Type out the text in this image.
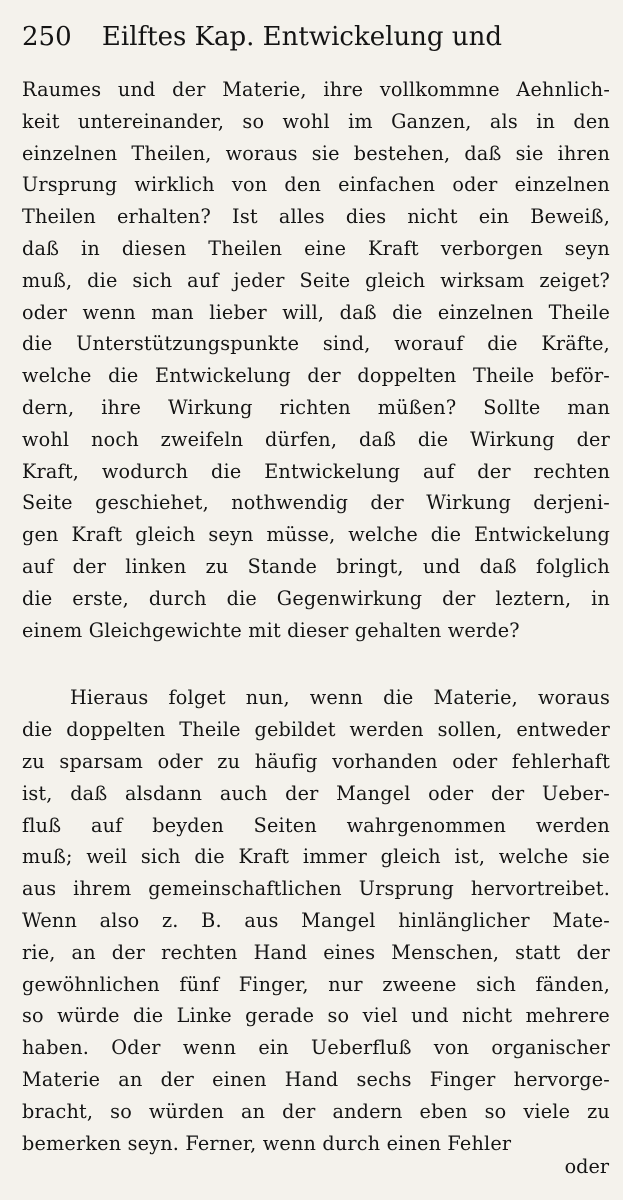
250 Eilftes Kap. Entwickelung und
Raumes und der Materie, ihre vollkommne Aehnlich-
keit untereinander, so wohl im Ganzen, als in den
einzelnen Theilen, woraus sie bestehen, daß sie ihren
Ursprung wirklich von den einfachen oder einzelnen
Theilen erhalten? Ist alles dies nicht ein Beweiß,
daß in diesen Theilen eine Kraft verborgen seyn
muß, die sich auf jeder Seite gleich wirksam zeiget?
oder wenn man lieber will, daß die einzelnen Theile
die Unterstützungspunkte sind, worauf die Kräfte,
welche die Entwickelung der doppelten Theile beför-
dern, ihre Wirkung richten müßen? Sollte man
wohl noch zweifeln dürfen, daß die Wirkung der
Kraft, wodurch die Entwickelung auf der rechten
Seite geschiehet, nothwendig der Wirkung derjeni-
gen Kraft gleich seyn müsse, welche die Entwickelung
auf der linken zu Stande bringt, und daß folglich
die erste, durch die Gegenwirkung der leztern, in
einem Gleichgewichte mit dieser gehalten werde?
Hieraus folget nun, wenn die Materie, woraus
die doppelten Theile gebildet werden sollen, entweder
zu sparsam oder zu häufig vorhanden oder fehlerhaft
ist, daß alsdann auch der Mangel oder der Ueber-
fluß auf beyden Seiten wahrgenommen werden
muß; weil sich die Kraft immer gleich ist, welche sie
aus ihrem gemeinschaftlichen Ursprung hervortreibet.
Wenn also z. B. aus Mangel hinlänglicher Mate-
rie, an der rechten Hand eines Menschen, statt der
gewöhnlichen fünf Finger, nur zweene sich fänden,
so würde die Linke gerade so viel und nicht mehrere
haben. Oder wenn ein Ueberfluß von organischer
Materie an der einen Hand sechs Finger hervorge-
bracht, so würden an der andern eben so viele zu
bemerken seyn. Ferner, wenn durch einen Fehler
oder
